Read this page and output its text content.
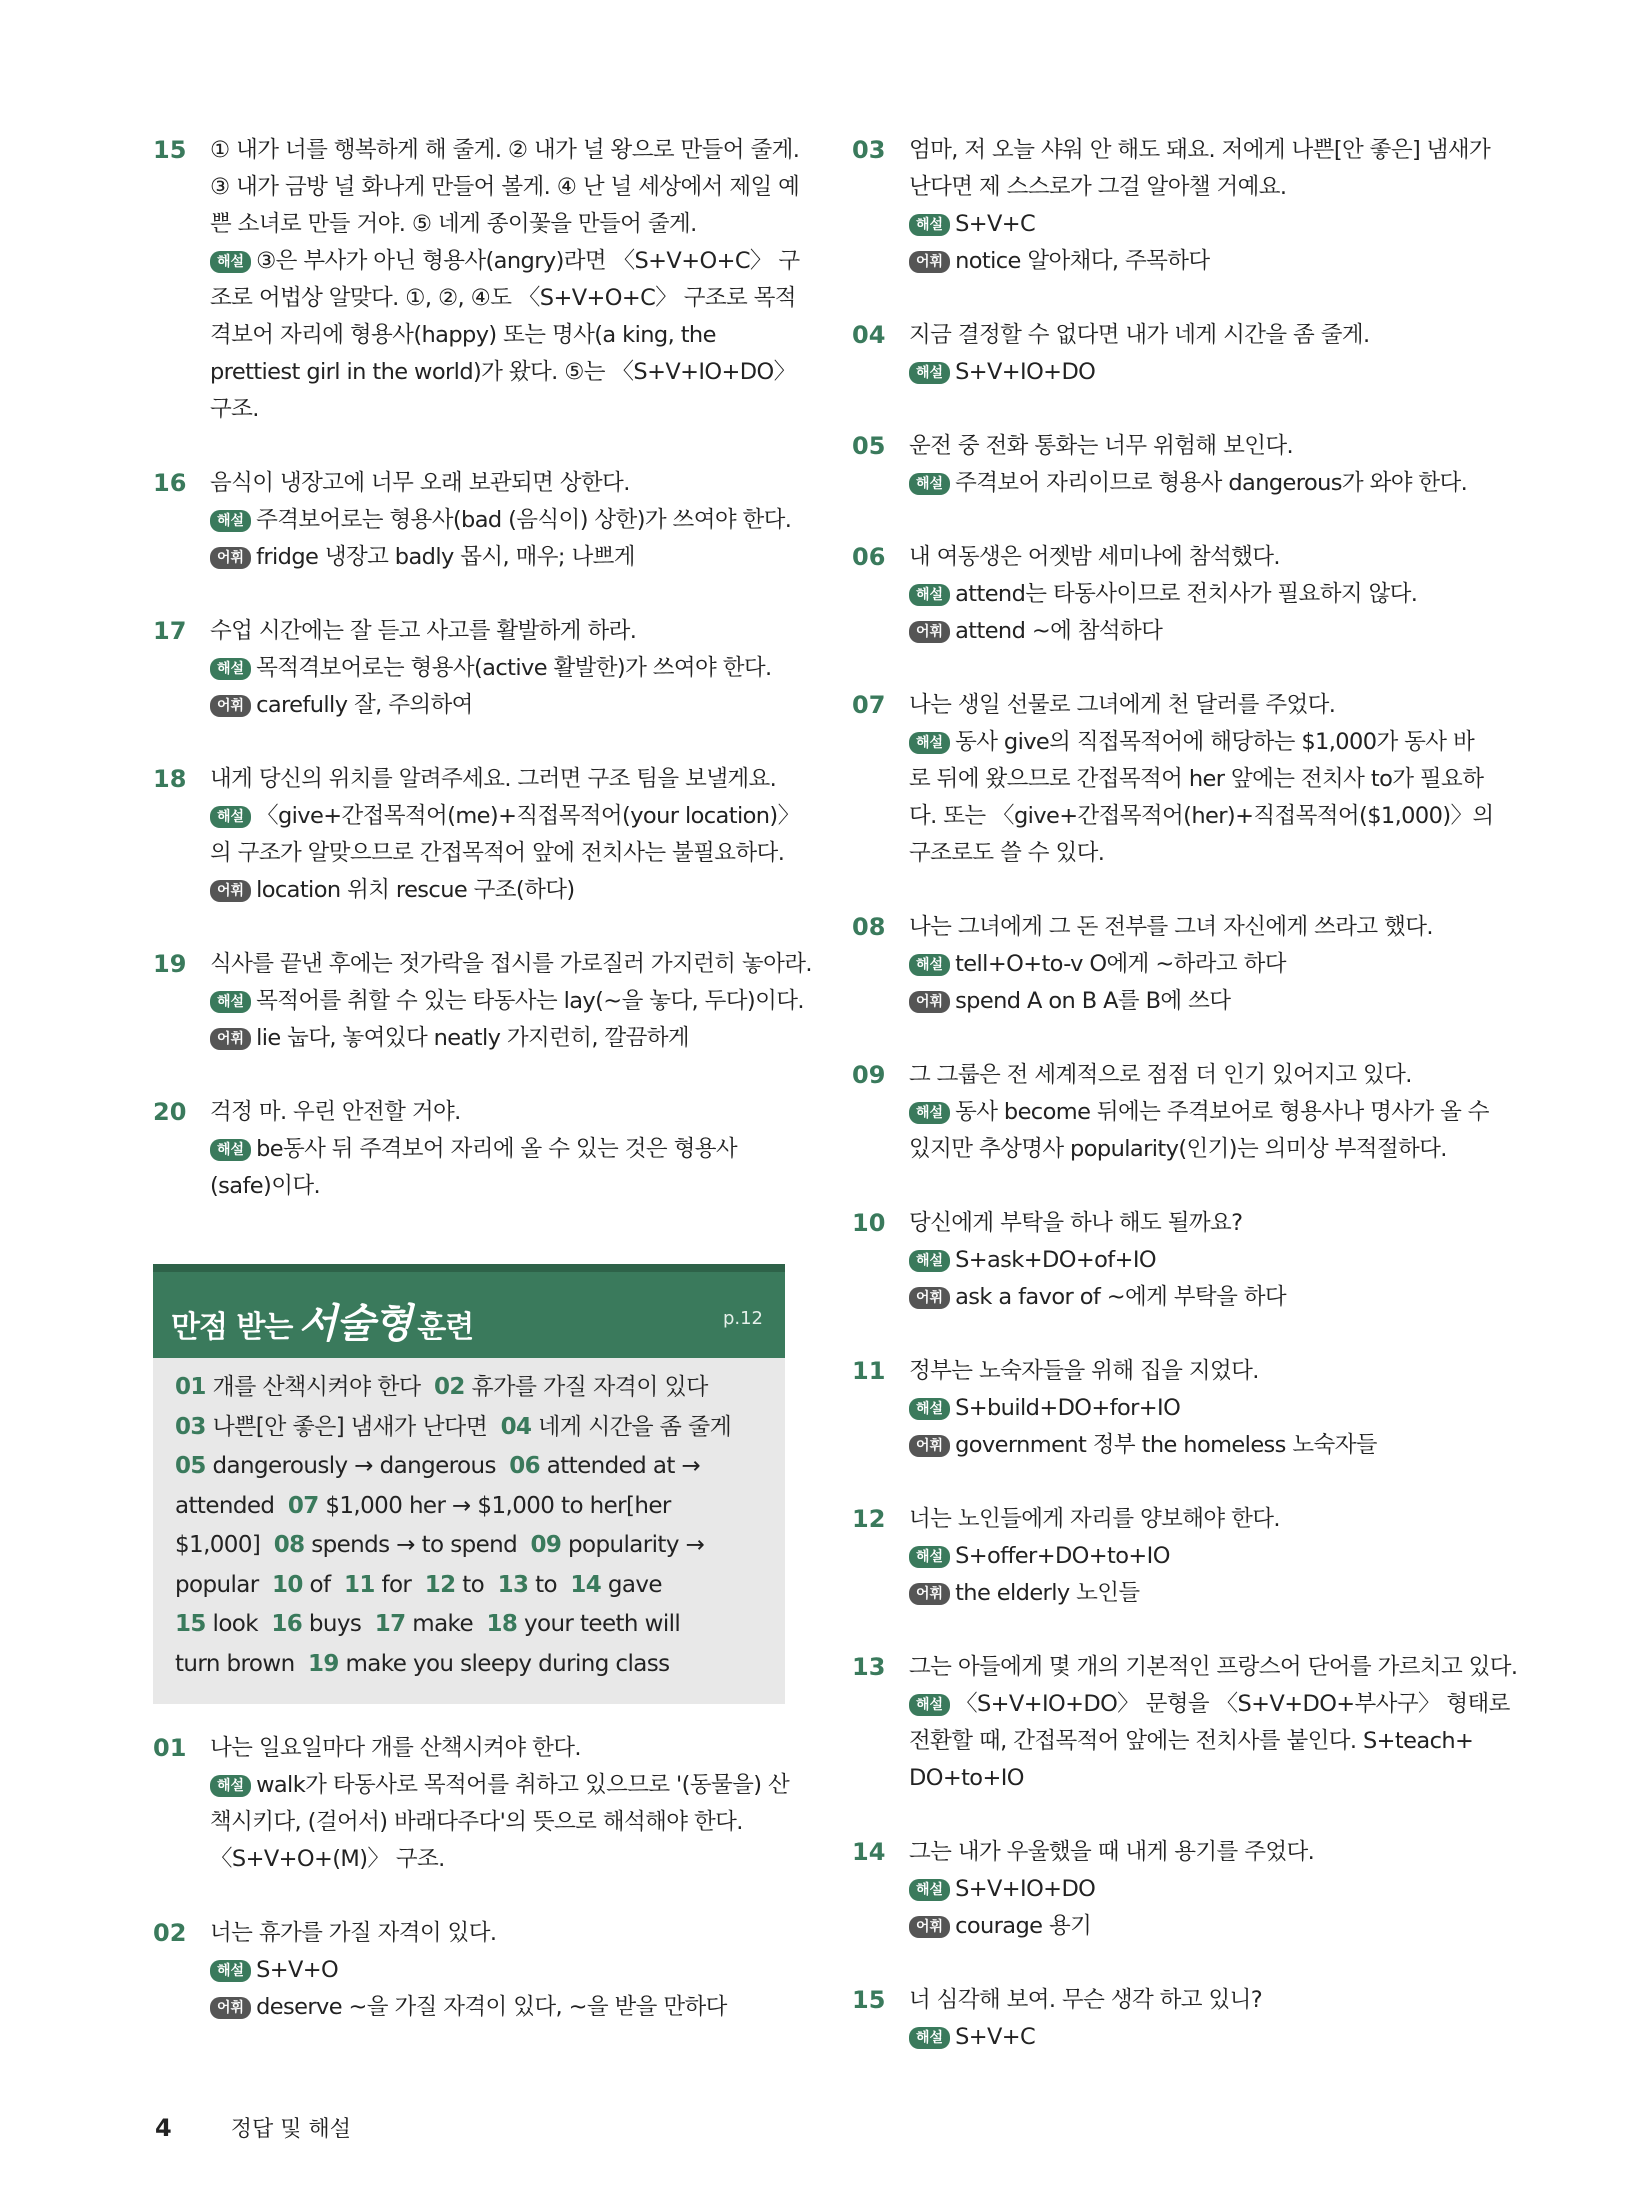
15 ① 내가 너를 행복하게 해 줄게. ② 내가 널 왕으로 만들어 줄게.
③ 내가 금방 널 화나게 만들어 볼게. ④ 난 널 세상에서 제일 예
쁜 소녀로 만들 거야. ⑤ 네게 종이꽃을 만들어 줄게.
해설 ③은 부사가 아닌 형용사(angry)라면 〈S+V+O+C〉 구
조로 어법상 알맞다. ①, ②, ④도 〈S+V+O+C〉 구조로 목적
격보어 자리에 형용사(happy) 또는 명사(a king, the
prettiest girl in the world)가 왔다. ⑤는 〈S+V+IO+DO〉
구조.
16 음식이 냉장고에 너무 오래 보관되면 상한다.
해설 주격보어로는 형용사(bad (음식이) 상한)가 쓰여야 한다.
어휘 fridge 냉장고 badly 몹시, 매우; 나쁘게
17 수업 시간에는 잘 듣고 사고를 활발하게 하라.
해설 목적격보어로는 형용사(active 활발한)가 쓰여야 한다.
어휘 carefully 잘, 주의하여
18 내게 당신의 위치를 알려주세요. 그러면 구조 팀을 보낼게요.
해설 〈give+간접목적어(me)+직접목적어(your location)〉
의 구조가 알맞으므로 간접목적어 앞에 전치사는 불필요하다.
어휘 location 위치 rescue 구조(하다)
19 식사를 끝낸 후에는 젓가락을 접시를 가로질러 가지런히 놓아라.
해설 목적어를 취할 수 있는 타동사는 lay(~을 놓다, 두다)이다.
어휘 lie 눕다, 놓여있다 neatly 가지런히, 깔끔하게
20 걱정 마. 우린 안전할 거야.
해설 be동사 뒤 주격보어 자리에 올 수 있는 것은 형용사
(safe)이다.
만점 받는 서술형 훈련	p.12
01 개를 산책시켜야 한다  02 휴가를 가질 자격이 있다
03 나쁜[안 좋은] 냄새가 난다면  04 네게 시간을 좀 줄게
05 dangerously → dangerous  06 attended at →
attended  07 $1,000 her → $1,000 to her[her
$1,000]  08 spends → to spend  09 popularity →
popular  10 of  11 for  12 to  13 to  14 gave
15 look  16 buys  17 make  18 your teeth will
turn brown  19 make you sleepy during class
01 나는 일요일마다 개를 산책시켜야 한다.
해설 walk가 타동사로 목적어를 취하고 있으므로 '(동물을) 산
책시키다, (걸어서) 바래다주다'의 뜻으로 해석해야 한다.
〈S+V+O+(M)〉 구조.
02 너는 휴가를 가질 자격이 있다.
해설 S+V+O
어휘 deserve ~을 가질 자격이 있다, ~을 받을 만하다
03 엄마, 저 오늘 샤워 안 해도 돼요. 저에게 나쁜[안 좋은] 냄새가
난다면 제 스스로가 그걸 알아챌 거예요.
해설 S+V+C
어휘 notice 알아채다, 주목하다
04 지금 결정할 수 없다면 내가 네게 시간을 좀 줄게.
해설 S+V+IO+DO
05 운전 중 전화 통화는 너무 위험해 보인다.
해설 주격보어 자리이므로 형용사 dangerous가 와야 한다.
06 내 여동생은 어젯밤 세미나에 참석했다.
해설 attend는 타동사이므로 전치사가 필요하지 않다.
어휘 attend ~에 참석하다
07 나는 생일 선물로 그녀에게 천 달러를 주었다.
해설 동사 give의 직접목적어에 해당하는 $1,000가 동사 바
로 뒤에 왔으므로 간접목적어 her 앞에는 전치사 to가 필요하
다. 또는 〈give+간접목적어(her)+직접목적어($1,000)〉의
구조로도 쓸 수 있다.
08 나는 그녀에게 그 돈 전부를 그녀 자신에게 쓰라고 했다.
해설 tell+O+to-v O에게 ~하라고 하다
어휘 spend A on B A를 B에 쓰다
09 그 그룹은 전 세계적으로 점점 더 인기 있어지고 있다.
해설 동사 become 뒤에는 주격보어로 형용사나 명사가 올 수
있지만 추상명사 popularity(인기)는 의미상 부적절하다.
10 당신에게 부탁을 하나 해도 될까요?
해설 S+ask+DO+of+IO
어휘 ask a favor of ~에게 부탁을 하다
11 정부는 노숙자들을 위해 집을 지었다.
해설 S+build+DO+for+IO
어휘 government 정부 the homeless 노숙자들
12 너는 노인들에게 자리를 양보해야 한다.
해설 S+offer+DO+to+IO
어휘 the elderly 노인들
13 그는 아들에게 몇 개의 기본적인 프랑스어 단어를 가르치고 있다.
해설 〈S+V+IO+DO〉 문형을 〈S+V+DO+부사구〉 형태로
전환할 때, 간접목적어 앞에는 전치사를 붙인다. S+teach+
DO+to+IO
14 그는 내가 우울했을 때 내게 용기를 주었다.
해설 S+V+IO+DO
어휘 courage 용기
15 너 심각해 보여. 무슨 생각 하고 있니?
해설 S+V+C
4	정답 및 해설
